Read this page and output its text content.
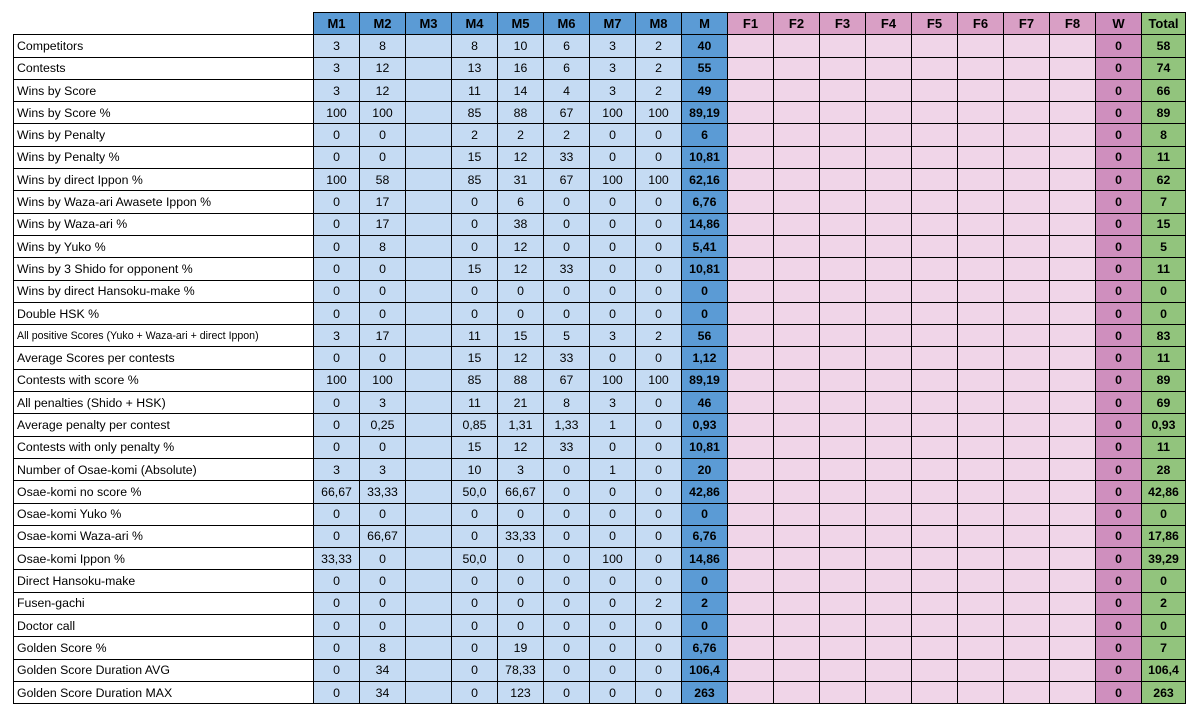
	M1	M2	M3	M4	M5	M6	M7	M8	M	F1	F2	F3	F4	F5	F6	F7	F8	W	Total
Competitors	3	8		8	10	6	3	2	40									0	58
Contests	3	12		13	16	6	3	2	55									0	74
Wins by Score	3	12		11	14	4	3	2	49									0	66
Wins by Score %	100	100		85	88	67	100	100	89,19									0	89
Wins by Penalty	0	0		2	2	2	0	0	6									0	8
Wins by Penalty %	0	0		15	12	33	0	0	10,81									0	11
Wins by direct Ippon %	100	58		85	31	67	100	100	62,16									0	62
Wins by Waza-ari Awasete Ippon %	0	17		0	6	0	0	0	6,76									0	7
Wins by Waza-ari %	0	17		0	38	0	0	0	14,86									0	15
Wins by Yuko %	0	8		0	12	0	0	0	5,41									0	5
Wins by 3 Shido for opponent %	0	0		15	12	33	0	0	10,81									0	11
Wins by direct Hansoku-make %	0	0		0	0	0	0	0	0									0	0
Double HSK %	0	0		0	0	0	0	0	0									0	0
All positive Scores (Yuko + Waza-ari + direct Ippon)	3	17		11	15	5	3	2	56									0	83
Average Scores per contests	0	0		15	12	33	0	0	1,12									0	11
Contests with score %	100	100		85	88	67	100	100	89,19									0	89
All penalties (Shido + HSK)	0	3		11	21	8	3	0	46									0	69
Average penalty per contest	0	0,25		0,85	1,31	1,33	1	0	0,93									0	0,93
Contests with only penalty %	0	0		15	12	33	0	0	10,81									0	11
Number of Osae-komi (Absolute)	3	3		10	3	0	1	0	20									0	28
Osae-komi no score %	66,67	33,33		50,0	66,67	0	0	0	42,86									0	42,86
Osae-komi Yuko %	0	0		0	0	0	0	0	0									0	0
Osae-komi Waza-ari %	0	66,67		0	33,33	0	0	0	6,76									0	17,86
Osae-komi Ippon %	33,33	0		50,0	0	0	100	0	14,86									0	39,29
Direct Hansoku-make	0	0		0	0	0	0	0	0									0	0
Fusen-gachi	0	0		0	0	0	0	2	2									0	2
Doctor call	0	0		0	0	0	0	0	0									0	0
Golden Score %	0	8		0	19	0	0	0	6,76									0	7
Golden Score Duration AVG	0	34		0	78,33	0	0	0	106,4									0	106,4
Golden Score Duration MAX	0	34		0	123	0	0	0	263									0	263
